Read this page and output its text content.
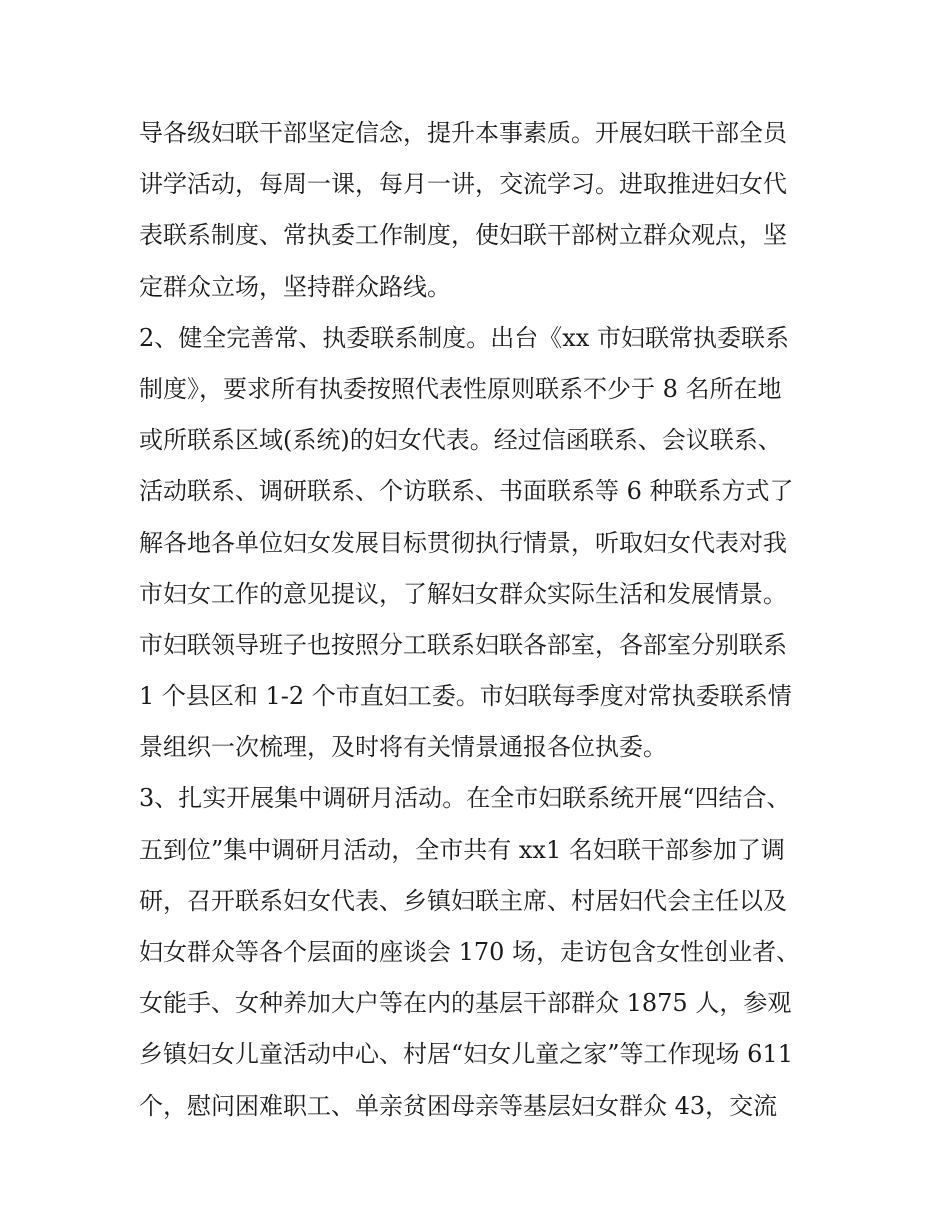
导各级妇联干部坚定信念，提升本事素质。开展妇联干部全员
讲学活动，每周一课，每月一讲，交流学习。进取推进妇女代
表联系制度、常执委工作制度，使妇联干部树立群众观点，坚
定群众立场，坚持群众路线。
2、健全完善常、执委联系制度。出台《xx 市妇联常执委联系
制度》，要求所有执委按照代表性原则联系不少于 8 名所在地
或所联系区域(系统)的妇女代表。经过信函联系、会议联系、
活动联系、调研联系、个访联系、书面联系等 6 种联系方式了
解各地各单位妇女发展目标贯彻执行情景，听取妇女代表对我
市妇女工作的意见提议，了解妇女群众实际生活和发展情景。
市妇联领导班子也按照分工联系妇联各部室，各部室分别联系
1 个县区和 1-2 个市直妇工委。市妇联每季度对常执委联系情
景组织一次梳理，及时将有关情景通报各位执委。
3、扎实开展集中调研月活动。在全市妇联系统开展“四结合、
五到位”集中调研月活动，全市共有 xx1 名妇联干部参加了调
研，召开联系妇女代表、乡镇妇联主席、村居妇代会主任以及
妇女群众等各个层面的座谈会 170 场，走访包含女性创业者、
女能手、女种养加大户等在内的基层干部群众 1875 人，参观
乡镇妇女儿童活动中心、村居“妇女儿童之家”等工作现场 611
个，慰问困难职工、单亲贫困母亲等基层妇女群众 43，交流
